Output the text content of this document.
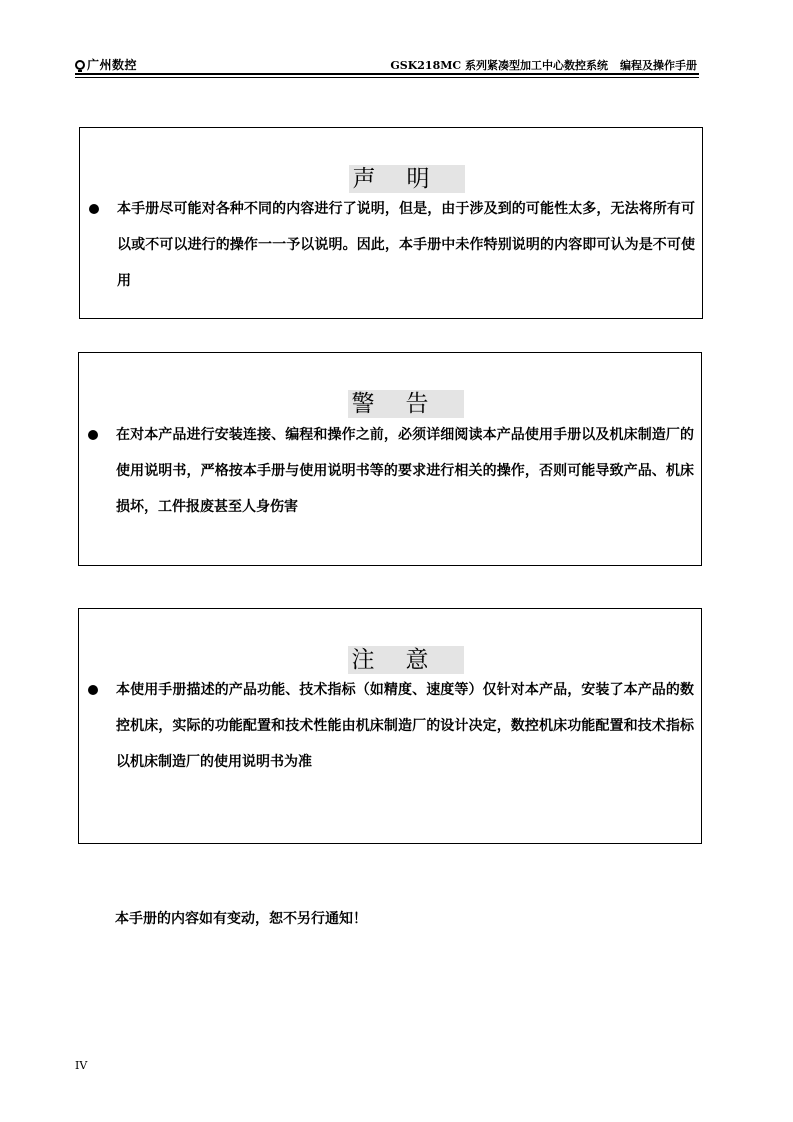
广州数控	GSK218MC 系列紧凑型加工中心数控系统 编程及操作手册
声明
本手册尽可能对各种不同的内容进行了说明，但是，由于涉及到的可能性太多，无法将所有可以或不可以进行的操作一一予以说明。因此，本手册中未作特别说明的内容即可认为是不可使用
警告
在对本产品进行安装连接、编程和操作之前，必须详细阅读本产品使用手册以及机床制造厂的使用说明书，严格按本手册与使用说明书等的要求进行相关的操作，否则可能导致产品、机床损坏，工件报废甚至人身伤害
注意
本使用手册描述的产品功能、技术指标（如精度、速度等）仅针对本产品，安装了本产品的数控机床，实际的功能配置和技术性能由机床制造厂的设计决定，数控机床功能配置和技术指标以机床制造厂的使用说明书为准
本手册的内容如有变动，恕不另行通知！
IV
